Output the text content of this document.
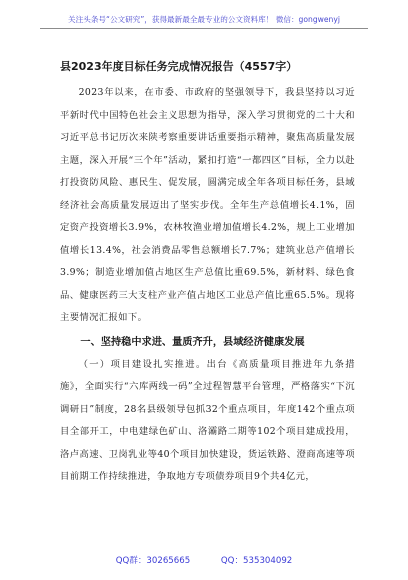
关注头条号“公文研究”，获得最新最全最专业的公文资料库！ 微信：gongwenyj
县2023年度目标任务完成情况报告（4557字）

2023年以来，在市委、市政府的坚强领导下，我县坚持以习近平新时代中国特色社会主义思想为指导，深入学习贯彻党的二十大和习近平总书记历次来陕考察重要讲话重要指示精神，聚焦高质量发展主题，深入开展“三个年”活动，紧扣打造“一都四区”目标，全力以赴打投资防风险、惠民生、促发展，圆满完成全年各项目标任务，县域经济社会高质量发展迈出了坚实步伐。全年生产总值增长4.1%，固定资产投资增长3.9%，农林牧渔业增加值增长4.2%，规上工业增加值增长13.4%，社会消费品零售总额增长7.7%；建筑业总产值增长3.9%；制造业增加值占地区生产总值比重69.5%，新材料、绿色食品、健康医药三大支柱产业产值占地区工业总产值比重65.5%。现将主要情况汇报如下。

一、坚持稳中求进、量质齐升，县域经济健康发展

（一）项目建设扎实推进。出台《高质量项目推进年九条措施》，全面实行“六库两线一码”全过程智慧平台管理，严格落实“下沉调研日”制度，28名县级领导包抓32个重点项目，年度142个重点项目全部开工，中电建绿色矿山、洛灞路二期等102个项目建成投用，洛卢高速、卫岗乳业等40个项目加快建设，货运铁路、澄商高速等项目前期工作持续推进，争取地方专项债券项目9个共4亿元，

QQ群：30265665	QQ：535304092
